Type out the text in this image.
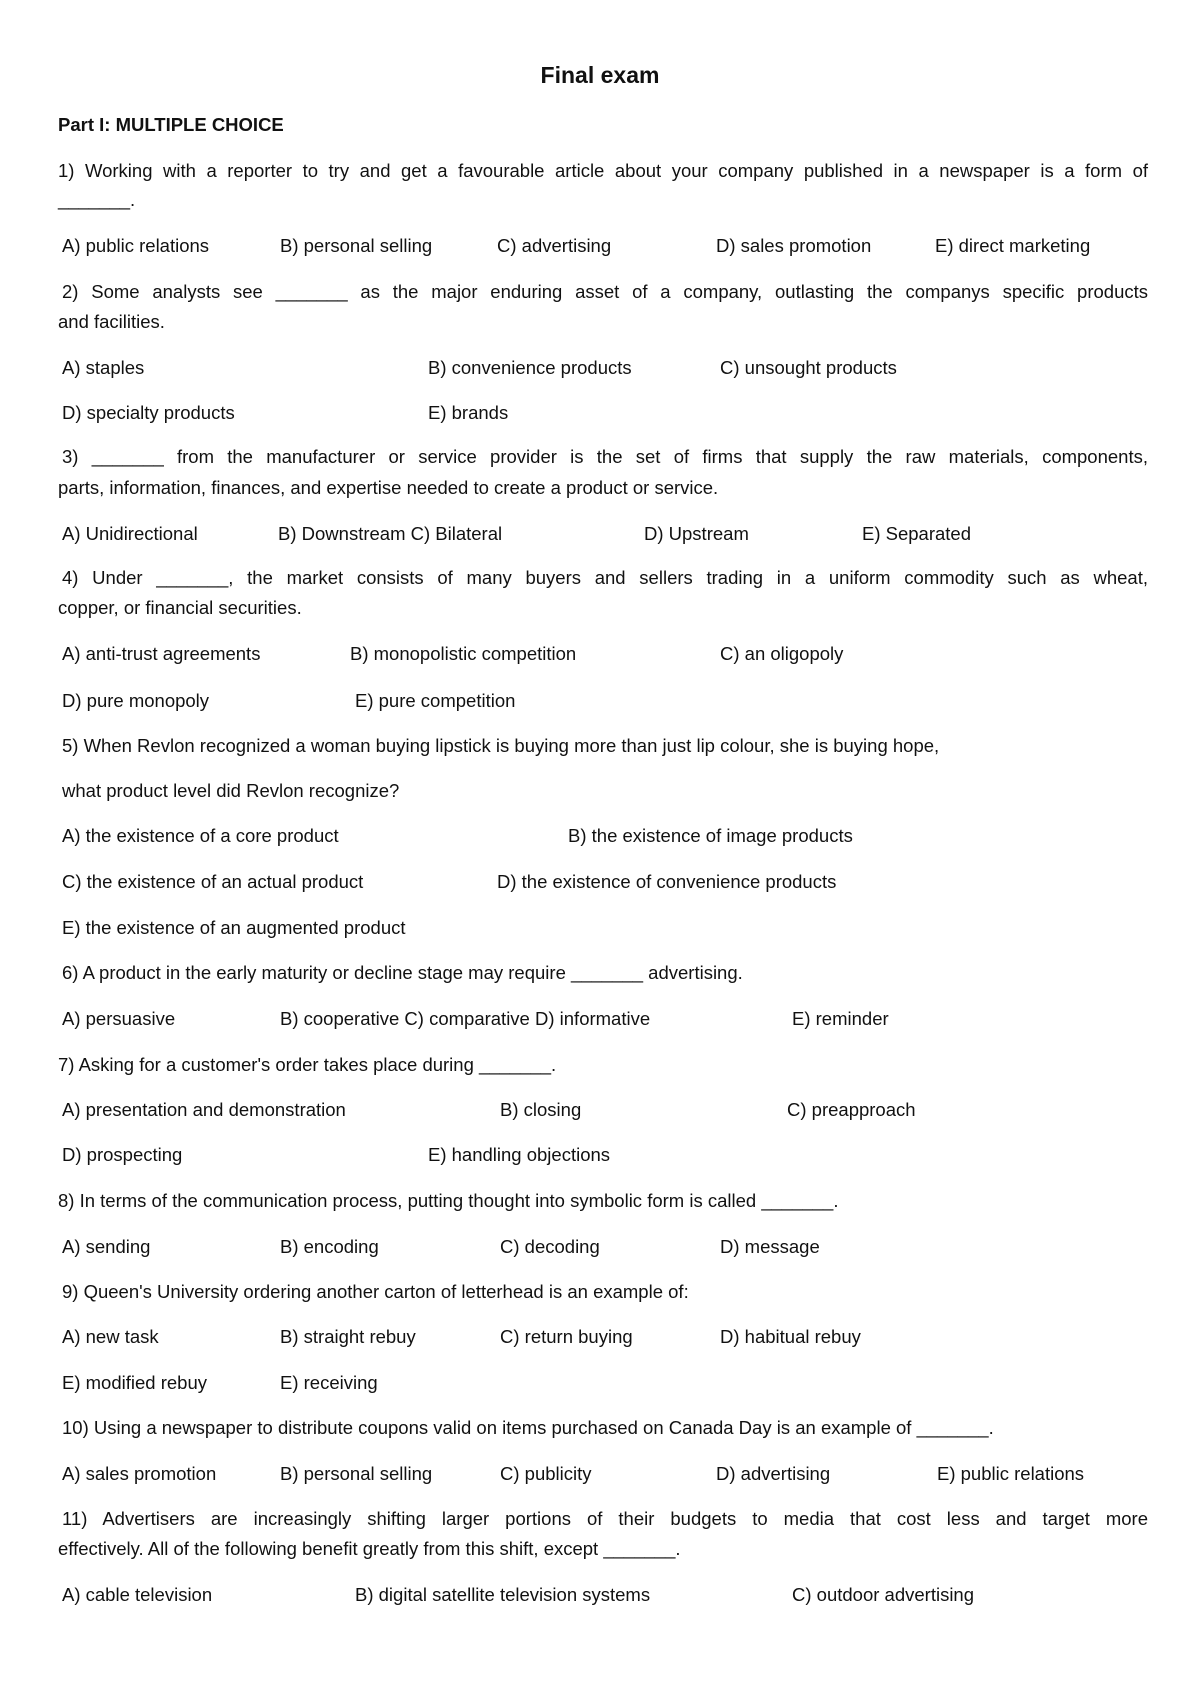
Final exam
Part I: MULTIPLE CHOICE
1) Working with a reporter to try and get a favourable article about your company published in a newspaper is a form of
_______.
A) public relations	B) personal selling	C) advertising	D) sales promotion	E) direct marketing
2) Some analysts see _______ as the major enduring asset of a company, outlasting the companys specific products
and facilities.
A) staples	B) convenience products	C) unsought products
D) specialty products	E) brands
3) _______ from the manufacturer or service provider is the set of firms that supply the raw materials, components,
parts, information, finances, and expertise needed to create a product or service.
A) Unidirectional	B) Downstream C) Bilateral	D) Upstream	E) Separated
4) Under _______, the market consists of many buyers and sellers trading in a uniform commodity such as wheat,
copper, or financial securities.
A) anti-trust agreements	B) monopolistic competition	C) an oligopoly
D) pure monopoly	E) pure competition
5) When Revlon recognized a woman buying lipstick is buying more than just lip colour, she is buying hope,
what product level did Revlon recognize?
A) the existence of a core product	B) the existence of image products
C) the existence of an actual product	D) the existence of convenience products
E) the existence of an augmented product
6) A product in the early maturity or decline stage may require _______ advertising.
A) persuasive	B) cooperative C) comparative D) informative	E) reminder
7) Asking for a customer's order takes place during _______.
A) presentation and demonstration	B) closing	C) preapproach
D) prospecting	E) handling objections
8) In terms of the communication process, putting thought into symbolic form is called _______.
A) sending	B) encoding	C) decoding	D) message
9) Queen's University ordering another carton of letterhead is an example of:
A) new task	B) straight rebuy	C) return buying	D) habitual rebuy
E) modified rebuy	E) receiving
10) Using a newspaper to distribute coupons valid on items purchased on Canada Day is an example of _______.
A) sales promotion	B) personal selling	C) publicity	D) advertising	E) public relations
11) Advertisers are increasingly shifting larger portions of their budgets to media that cost less and target more
effectively. All of the following benefit greatly from this shift, except _______.
A) cable television	B) digital satellite television systems	C) outdoor advertising
